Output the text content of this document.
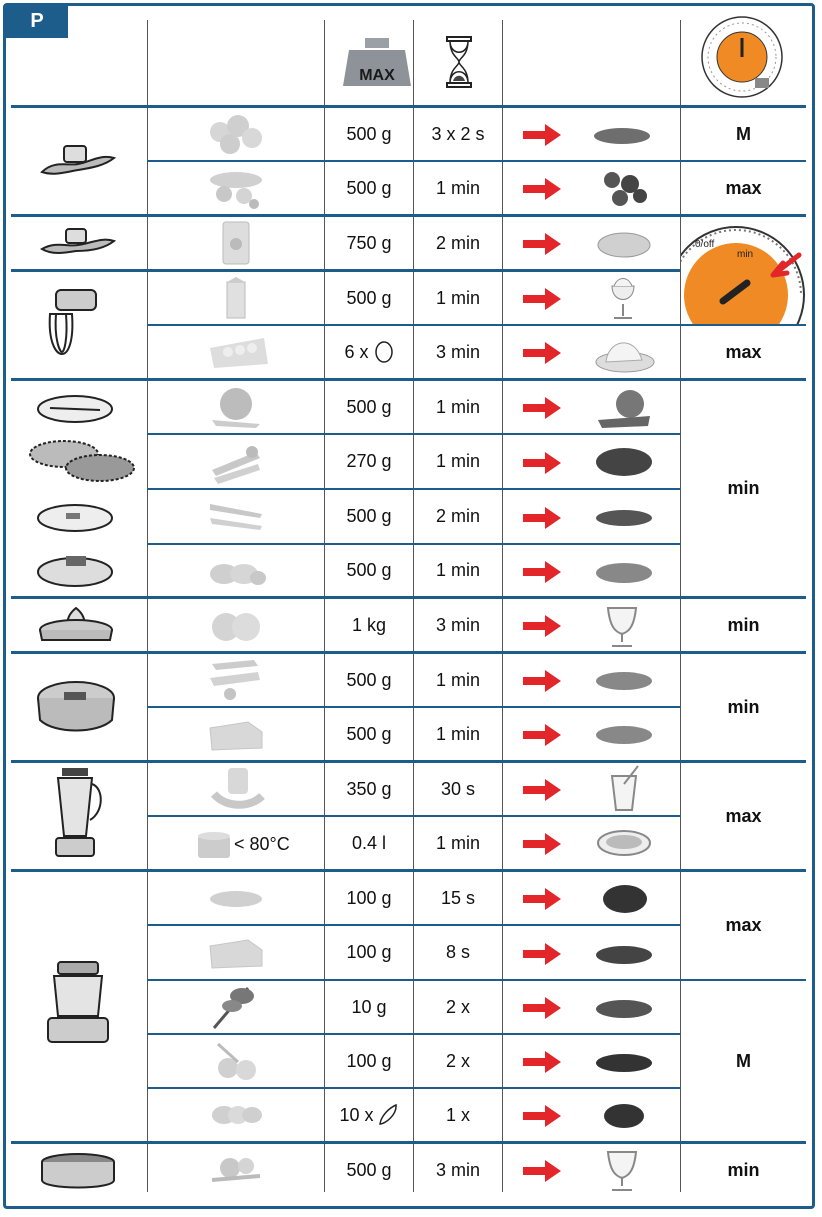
P
MAX
< 80°C
500 g
500 g
750 g
500 g
6 x
500 g
270 g
500 g
500 g
1 kg
500 g
500 g
350 g
0.4 l
100 g
100 g
10 g
100 g
10 x
500 g
3 x 2 s
1 min
2 min
1 min
3 min
1 min
1 min
2 min
1 min
3 min
1 min
1 min
30 s
1 min
15 s
8 s
2 x
2 x
1 x
3 min
M
max
0/off
min
max
min
min
min
max
max
M
min
